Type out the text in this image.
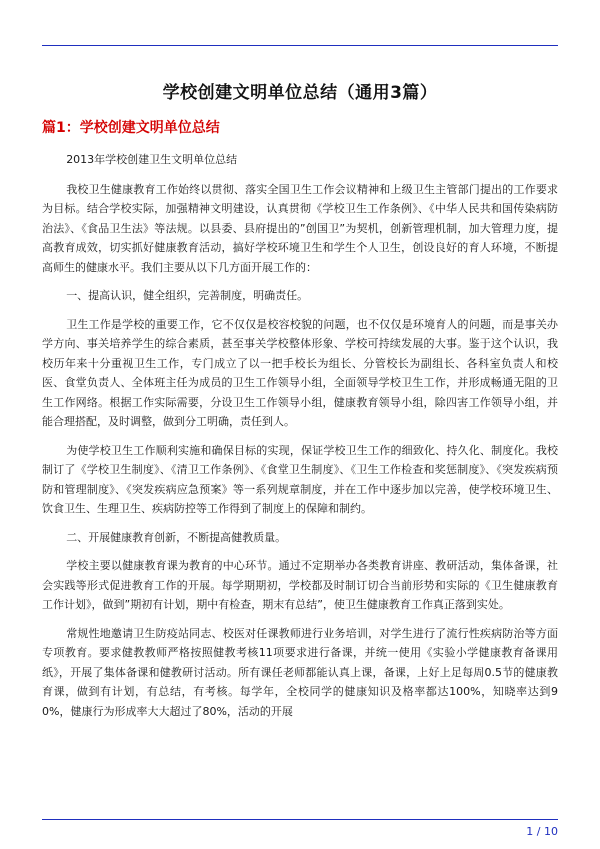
学校创建文明单位总结（通用3篇）
篇1：学校创建文明单位总结

2013年学校创建卫生文明单位总结

我校卫生健康教育工作始终以贯彻、落实全国卫生工作会议精神和上级卫生主管部门提出的工作要求为目标。结合学校实际，加强精神文明建设，认真贯彻《学校卫生工作条例》、《中华人民共和国传染病防治法》、《食品卫生法》等法规。以县委、县府提出的”创国卫”为契机，创新管理机制，加大管理力度，提高教育成效，切实抓好健康教育活动，搞好学校环境卫生和学生个人卫生，创设良好的育人环境，不断提高师生的健康水平。我们主要从以下几方面开展工作的：

一、提高认识，健全组织，完善制度，明确责任。

卫生工作是学校的重要工作，它不仅仅是校容校貌的问题，也不仅仅是环境育人的问题，而是事关办学方向、事关培养学生的综合素质，甚至事关学校整体形象、学校可持续发展的大事。鉴于这个认识，我校历年来十分重视卫生工作，专门成立了以一把手校长为组长、分管校长为副组长、各科室负责人和校医、食堂负责人、全体班主任为成员的卫生工作领导小组，全面领导学校卫生工作，并形成畅通无阻的卫生工作网络。根据工作实际需要，分设卫生工作领导小组，健康教育领导小组，除四害工作领导小组，并能合理搭配，及时调整，做到分工明确，责任到人。

为使学校卫生工作顺利实施和确保目标的实现，保证学校卫生工作的细致化、持久化、制度化。我校制订了《学校卫生制度》、《清卫工作条例》、《食堂卫生制度》、《卫生工作检查和奖惩制度》、《突发疾病预防和管理制度》、《突发疾病应急预案》等一系列规章制度，并在工作中逐步加以完善，使学校环境卫生、饮食卫生、生理卫生、疾病防控等工作得到了制度上的保障和制约。

二、开展健康教育创新，不断提高健教质量。

学校主要以健康教育课为教育的中心环节。通过不定期举办各类教育讲座、教研活动，集体备课，社会实践等形式促进教育工作的开展。每学期期初，学校都及时制订切合当前形势和实际的《卫生健康教育工作计划》，做到”期初有计划，期中有检查，期末有总结”，使卫生健康教育工作真正落到实处。

常规性地邀请卫生防疫站同志、校医对任课教师进行业务培训，对学生进行了流行性疾病防治等方面专项教育。要求健教教师严格按照健教考核11项要求进行备课，并统一使用《实验小学健康教育备课用纸》，开展了集体备课和健教研讨活动。所有课任老师都能认真上课，备课，上好上足每周0.5节的健康教育课，做到有计划，有总结，有考核。每学年，全校同学的健康知识及格率都达100%，知晓率达到90%，健康行为形成率大大超过了80%，活动的开展

1 / 10
